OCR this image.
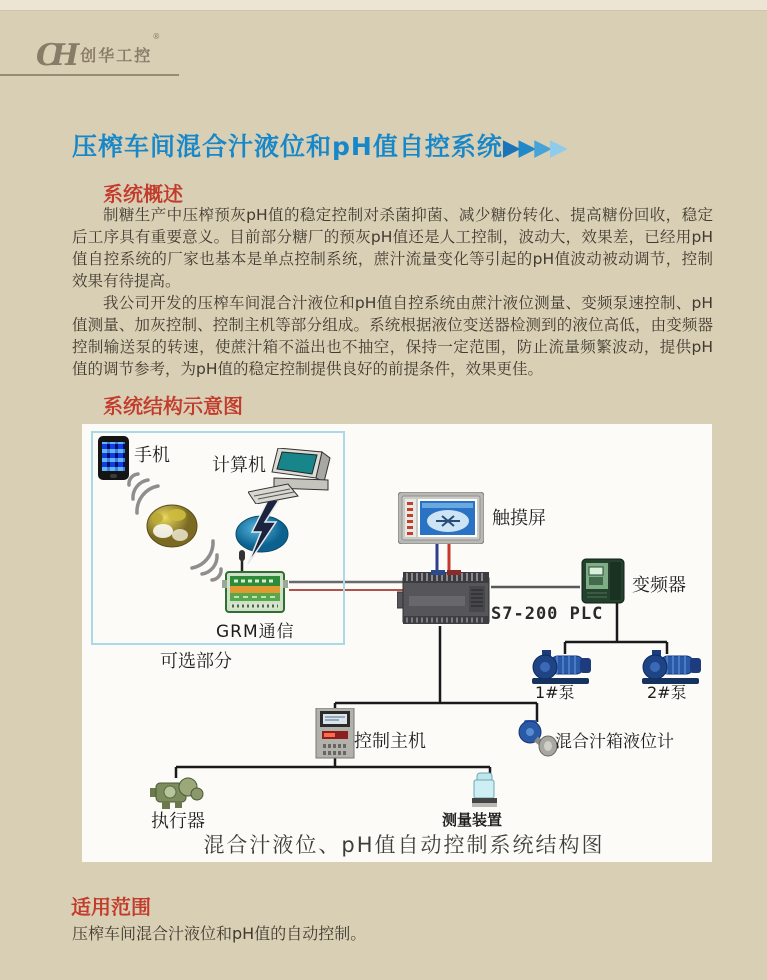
CH 创华工控®
压榨车间混合汁液位和pH值自控系统▶▶▶▶
系统概述

制糖生产中压榨预灰pH值的稳定控制对杀菌抑菌、减少糖份转化、提高糖份回收，稳定后工序具有重要意义。目前部分糖厂的预灰pH值还是人工控制，波动大，效果差，已经用pH值自控系统的厂家也基本是单点控制系统，蔗汁流量变化等引起的pH值波动被动调节，控制效果有待提高。

我公司开发的压榨车间混合汁液位和pH值自控系统由蔗汁液位测量、变频泵速控制、pH值测量、加灰控制、控制主机等部分组成。系统根据液位变送器检测到的液位高低，由变频器控制输送泵的转速，使蔗汁箱不溢出也不抽空，保持一定范围，防止流量频繁波动，提供pH值的调节参考，为pH值的稳定控制提供良好的前提条件，效果更佳。

系统结构示意图
手机 计算机
GRM通信
可选部分
触摸屏
S7-200 PLC
变频器
1#泵	2#泵
混合汁箱液位计
控制主机
执行器	测量装置
混合汁液位、pH值自动控制系统结构图
适用范围
压榨车间混合汁液位和pH值的自动控制。
